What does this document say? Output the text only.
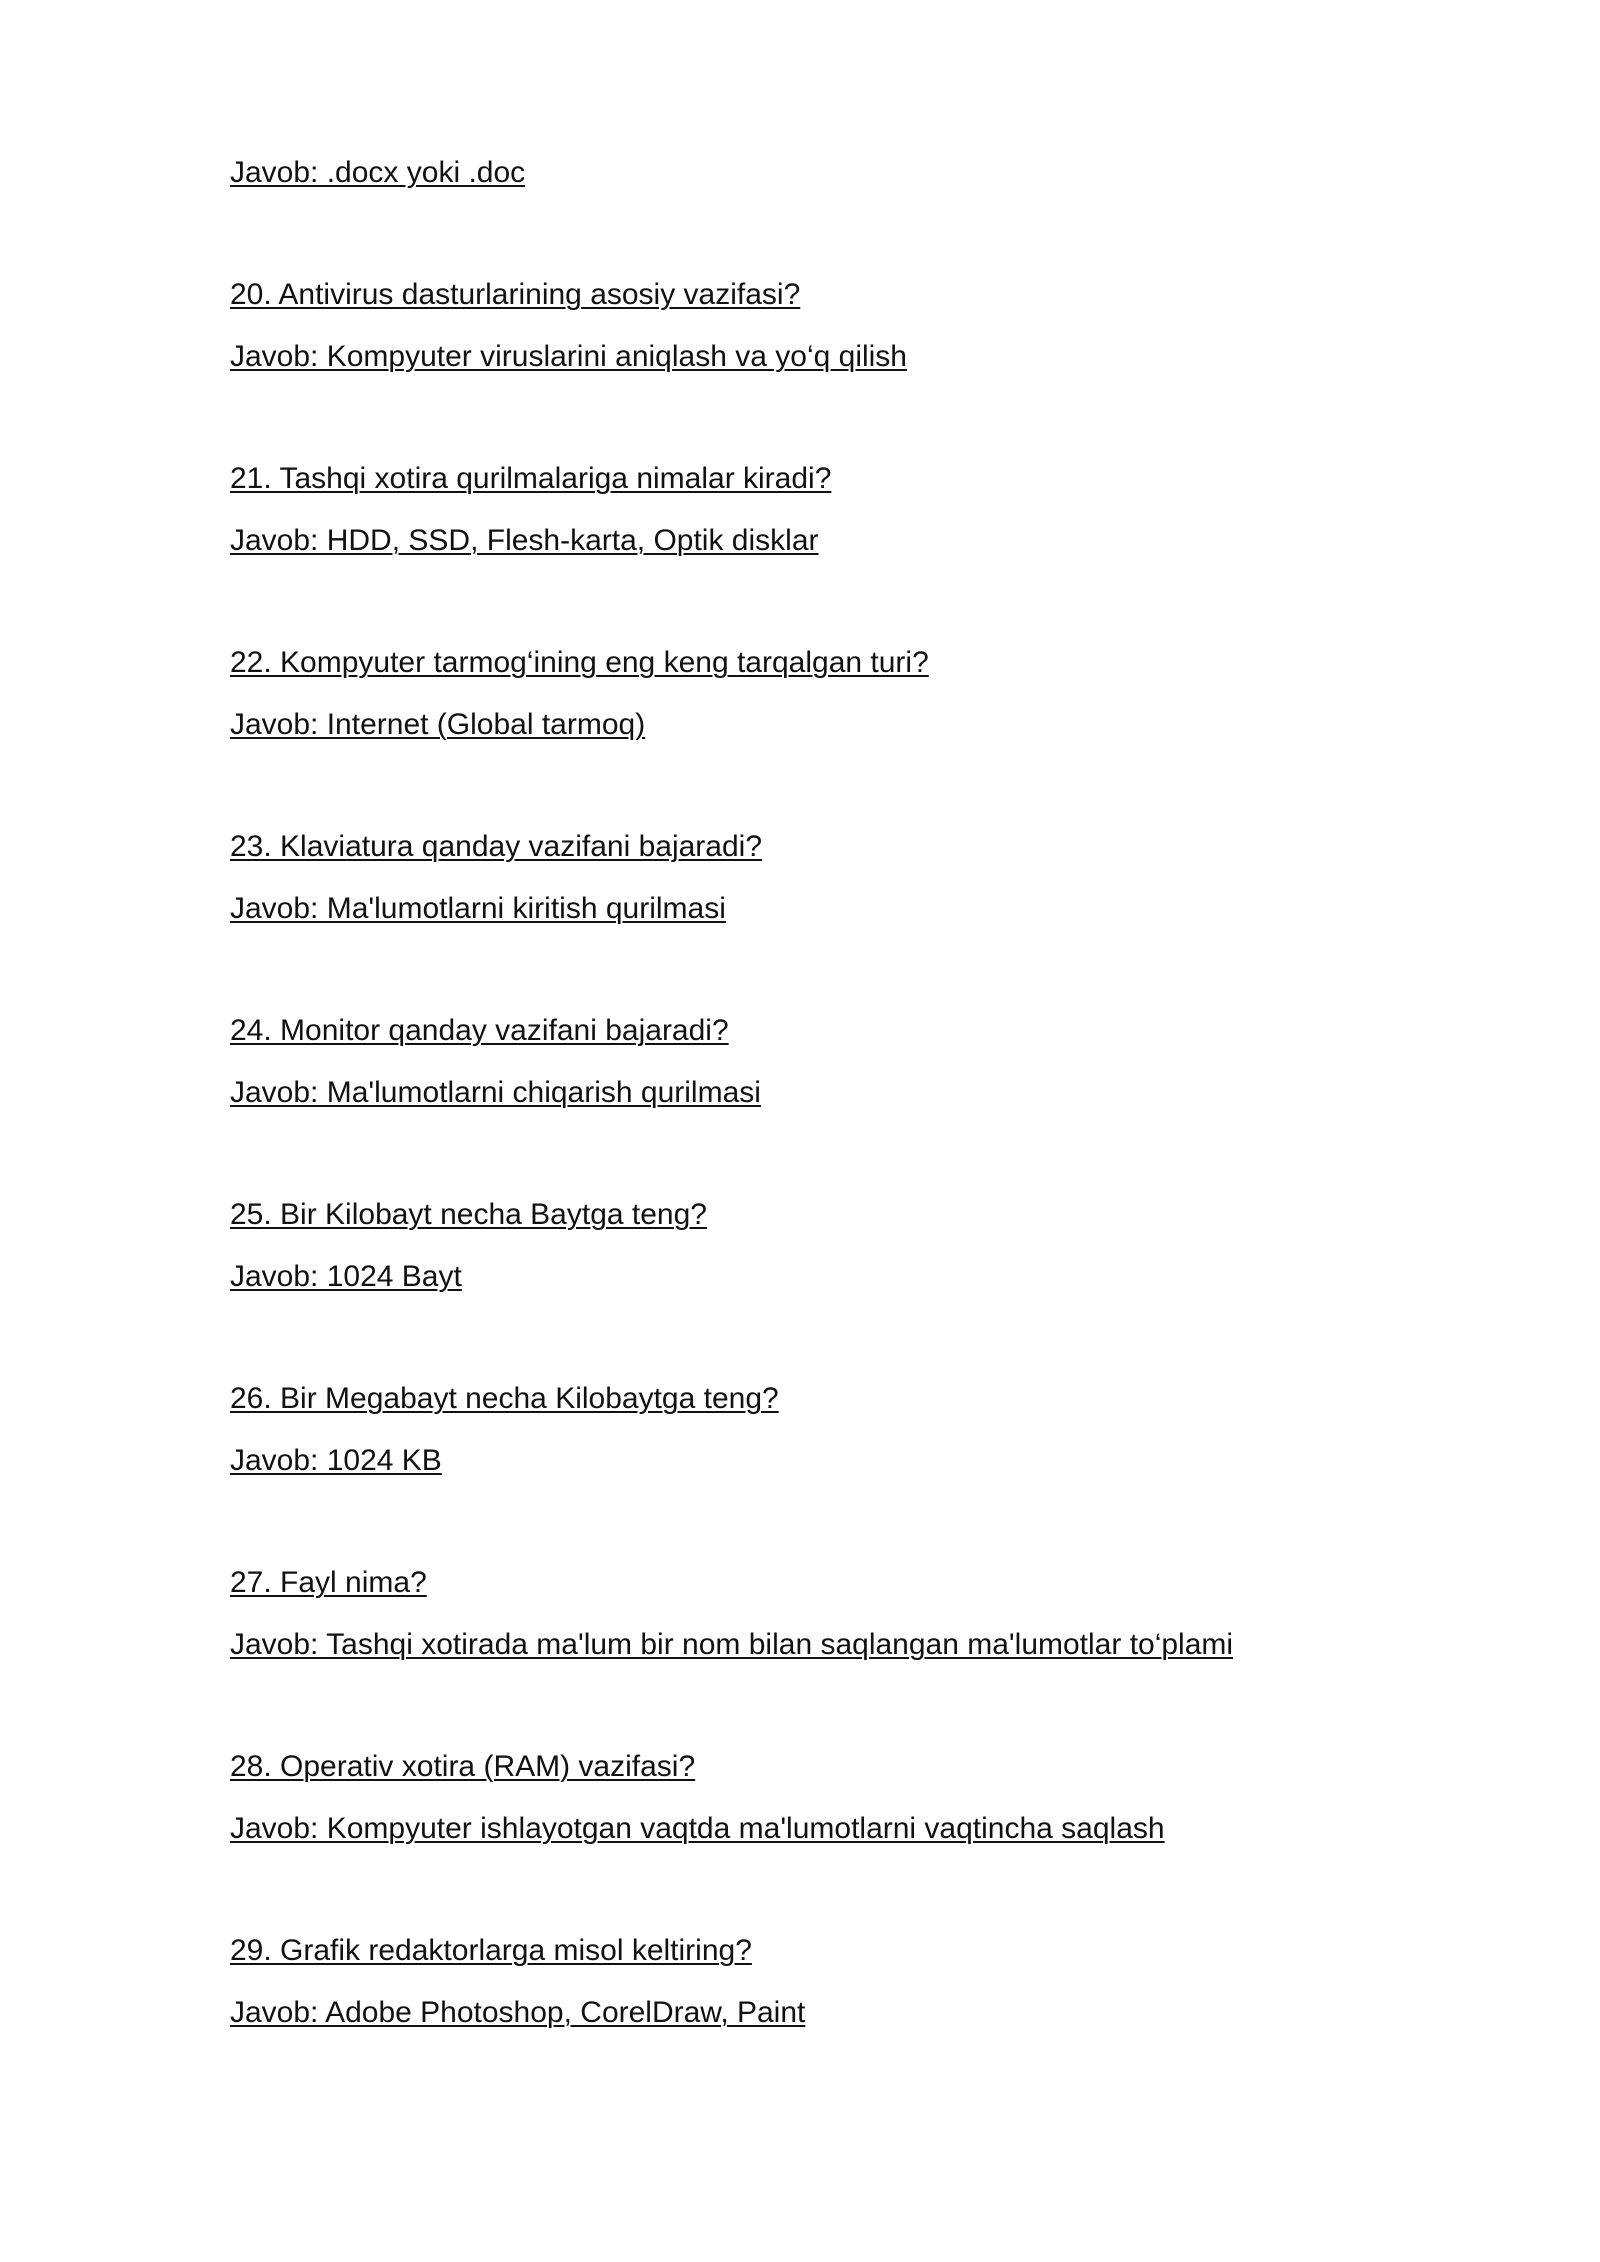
Javob: .docx yoki .doc

20. Antivirus dasturlarining asosiy vazifasi?

Javob: Kompyuter viruslarini aniqlash va yo‘q qilish

21. Tashqi xotira qurilmalariga nimalar kiradi?

Javob: HDD, SSD, Flesh-karta, Optik disklar

22. Kompyuter tarmog‘ining eng keng tarqalgan turi?

Javob: Internet (Global tarmoq)

23. Klaviatura qanday vazifani bajaradi?

Javob: Ma'lumotlarni kiritish qurilmasi

24. Monitor qanday vazifani bajaradi?

Javob: Ma'lumotlarni chiqarish qurilmasi

25. Bir Kilobayt necha Baytga teng?

Javob: 1024 Bayt

26. Bir Megabayt necha Kilobaytga teng?

Javob: 1024 KB

27. Fayl nima?

Javob: Tashqi xotirada ma'lum bir nom bilan saqlangan ma'lumotlar to‘plami

28. Operativ xotira (RAM) vazifasi?

Javob: Kompyuter ishlayotgan vaqtda ma'lumotlarni vaqtincha saqlash

29. Grafik redaktorlarga misol keltiring?

Javob: Adobe Photoshop, CorelDraw, Paint
